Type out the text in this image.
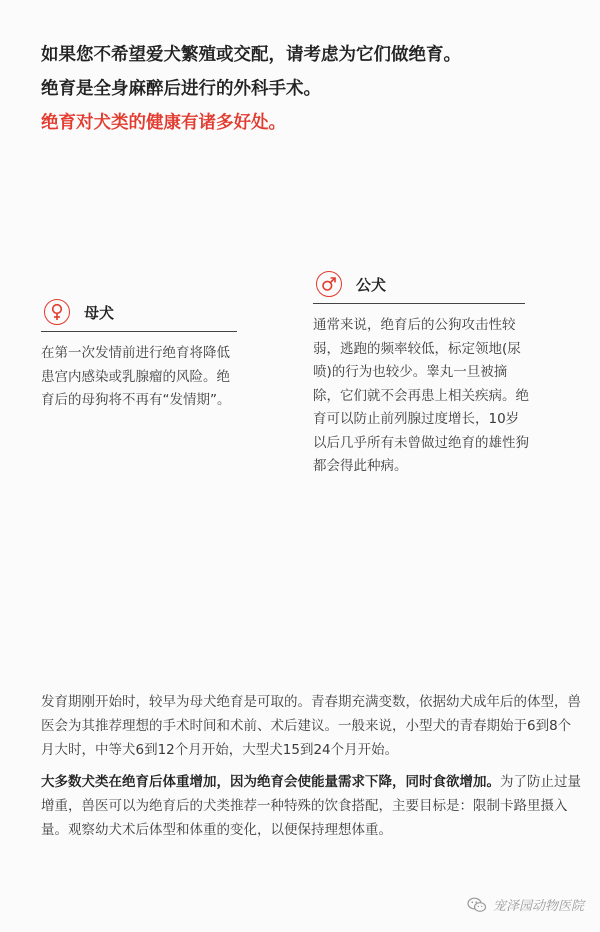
如果您不希望爱犬繁殖或交配，请考虑为它们做绝育。

绝育是全身麻醉后进行的外科手术。

绝育对犬类的健康有诸多好处。

母犬
在第一次发情前进行绝育将降低患宫内感染或乳腺瘤的风险。绝育后的母狗将不再有“发情期”。
公犬
通常来说，绝育后的公狗攻击性较弱，逃跑的频率较低，标定领地(尿喷)的行为也较少。睾丸一旦被摘除，它们就不会再患上相关疾病。绝育可以防止前列腺过度增长，10岁以后几乎所有未曾做过绝育的雄性狗都会得此种病。

发育期刚开始时，较早为母犬绝育是可取的。青春期充满变数，依据幼犬成年后的体型，兽医会为其推荐理想的手术时间和术前、术后建议。一般来说，小型犬的青春期始于6到8个月大时，中等犬6到12个月开始，大型犬15到24个月开始。

大多数犬类在绝育后体重增加，因为绝育会使能量需求下降，同时食欲增加。为了防止过量增重，兽医可以为绝育后的犬类推荐一种特殊的饮食搭配，主要目标是：限制卡路里摄入量。观察幼犬术后体型和体重的变化，以便保持理想体重。

宠泽园动物医院
